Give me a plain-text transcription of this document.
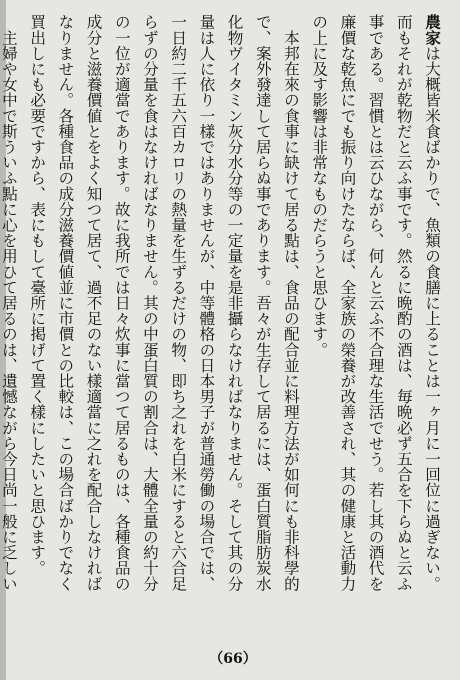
農家は大概皆米食ばかりで、魚類の食膳に上ることは一ヶ月に一回位に過ぎない。而もそれが乾物だと云ふ事です。然るに晩酌の酒は、毎晩必ず五合を下らぬと云ふ事である。習慣とは云ひながら、何んと云ふ不合理な生活でせう。若し其の酒代を廉價な乾魚にでも振り向けたならば、全家族の榮養が改善され、其の健康と活動力の上に及す影響は非常なものだらうと思ひます。

　本邦在來の食事に缺けて居る點は、食品の配合並に料理方法が如何にも非科學的で、案外發達して居らぬ事であります。吾々が生存して居るには、蛋白質脂肪炭水化物ヴイタミン灰分水分等の一定量を是非攝らなければなりません。そして其の分量は人に依り一樣ではありませんが、中等體格の日本男子が普通勞働の場合では、一日約二千五六百カロリの熱量を生ずるだけの物、即ち之れを白米にすると六合足らずの分量を食はなければなりません。其の中蛋白質の割合は、大體全量の約十分の一位が適當であります。故に我所では日々炊事に當つて居るものは、各種食品の成分と滋養價値とをよく知つて居て、過不足のない樣適當に之れを配合しなければなりません。各種食品の成分滋養價値並に市價との比較は、この場合ばかりでなく買出しにも必要ですから、表にもして臺所に掲げて置く樣にしたいと思ひます。

　主婦や女中で斯ういふ點に心を用ひて居るのは、遺憾ながら今日尚一般に乏しい

（66）
